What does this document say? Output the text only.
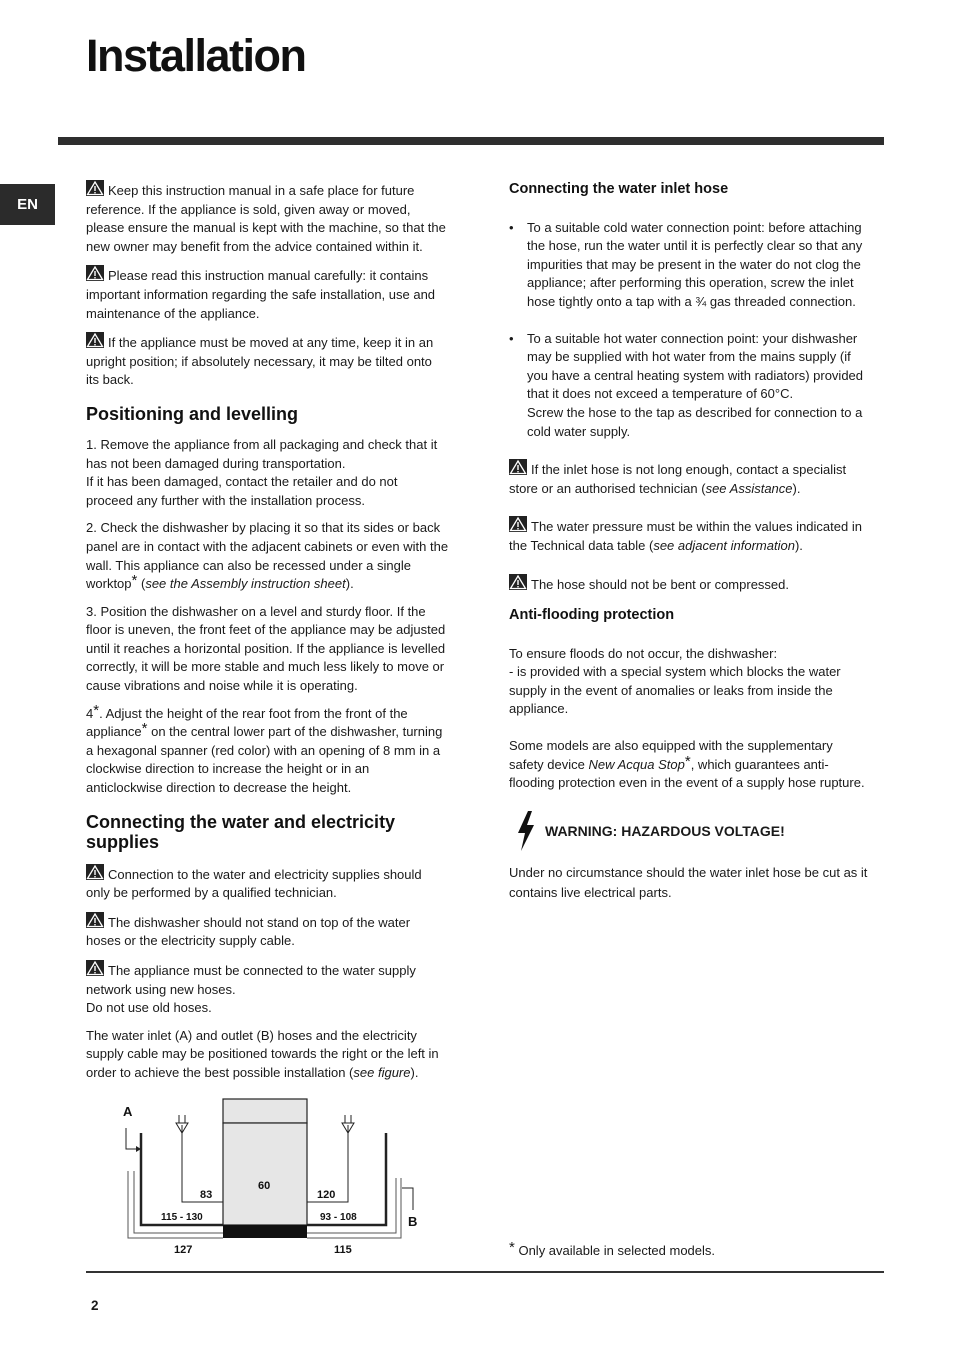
Installation
EN

Keep this instruction manual in a safe place for future
reference. If the appliance is sold, given away or moved,
please ensure the manual is kept with the machine, so that the
new owner may benefit from the advice contained within it.

Please read this instruction manual carefully: it contains
important information regarding the safe installation, use and
maintenance of the appliance.

If the appliance must be moved at any time, keep it in an
upright position; if absolutely necessary, it may be tilted onto
its back.

Positioning and levelling

1. Remove the appliance from all packaging and check that it
has not been damaged during transportation.
If it has been damaged, contact the retailer and do not
proceed any further with the installation process.

2. Check the dishwasher by placing it so that its sides or back
panel are in contact with the adjacent cabinets or even with the
wall. This appliance can also be recessed under a single
worktop* (see the Assembly instruction sheet).

3. Position the dishwasher on a level and sturdy floor. If the
floor is uneven, the front feet of the appliance may be adjusted
until it reaches a horizontal position. If the appliance is levelled
correctly, it will be more stable and much less likely to move or
cause vibrations and noise while it is operating.

4*. Adjust the height of the rear foot from the front of the
appliance* on the central lower part of the dishwasher, turning
a hexagonal spanner (red color) with an opening of 8 mm in a
clockwise direction to increase the height or in an
anticlockwise direction to decrease the height.

Connecting the water and electricity
supplies

Connection to the water and electricity supplies should
only be performed by a qualified technician.

The dishwasher should not stand on top of the water
hoses or the electricity supply cable.

The appliance must be connected to the water supply
network using new hoses.
Do not use old hoses.

The water inlet (A) and outlet (B) hoses and the electricity
supply cable may be positioned towards the right or the left in
order to achieve the best possible installation (see figure).

A
B
83
60
120
115 - 130	93 - 108
127	115
Connecting the water inlet hose
• To a suitable cold water connection point: before attaching
the hose, run the water until it is perfectly clear so that any
impurities that may be present in the water do not clog the
appliance; after performing this operation, screw the inlet
hose tightly onto a tap with a ¾ gas threaded connection.
• To a suitable hot water connection point: your dishwasher
may be supplied with hot water from the mains supply (if
you have a central heating system with radiators) provided
that it does not exceed a temperature of 60°C.
Screw the hose to the tap as described for connection to a
cold water supply.

If the inlet hose is not long enough, contact a specialist
store or an authorised technician (see Assistance).

The water pressure must be within the values indicated in
the Technical data table (see adjacent information).

The hose should not be bent or compressed.

Anti-flooding protection

To ensure floods do not occur, the dishwasher:
- is provided with a special system which blocks the water
supply in the event of anomalies or leaks from inside the
appliance.

Some models are also equipped with the supplementary
safety device New Acqua Stop*, which guarantees anti-
flooding protection even in the event of a supply hose rupture.

WARNING: HAZARDOUS VOLTAGE!

Under no circumstance should the water inlet hose be cut as it
contains live electrical parts.

* Only available in selected models.
2
